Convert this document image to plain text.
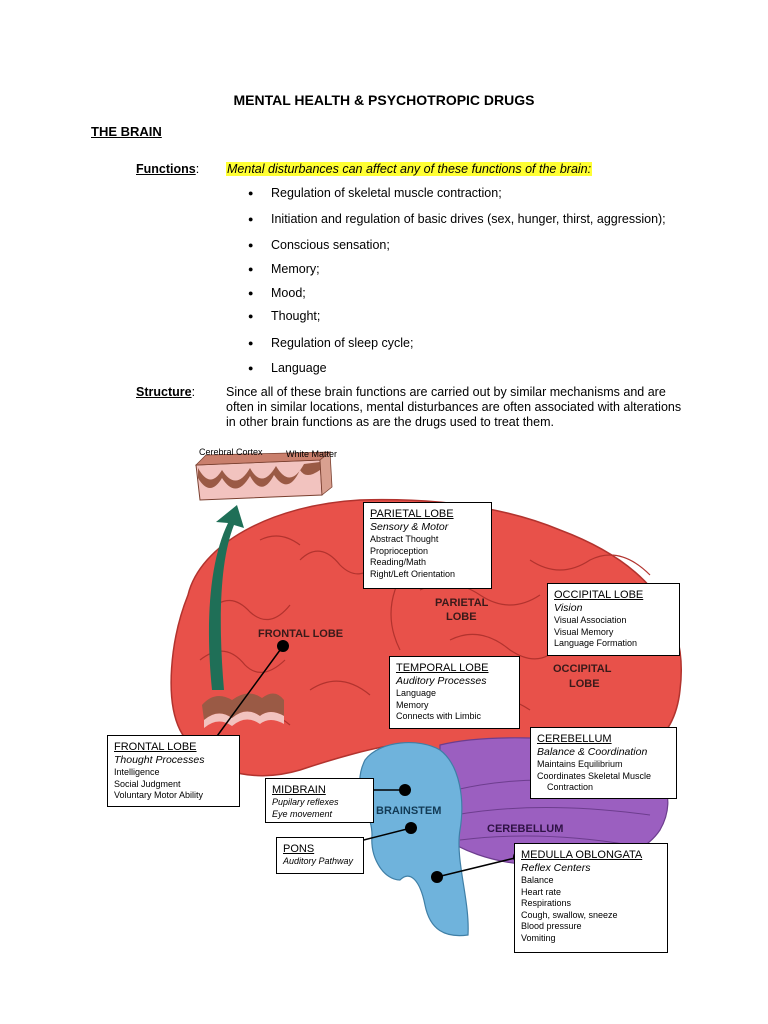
MENTAL HEALTH & PSYCHOTROPIC DRUGS
THE BRAIN
Functions: Mental disturbances can affect any of these functions of the brain:
● Regulation of skeletal muscle contraction;
● Initiation and regulation of basic drives (sex, hunger, thirst, aggression);
● Conscious sensation;
● Memory;
● Mood;
● Thought;
● Regulation of sleep cycle;
● Language
Structure: Since all of these brain functions are carried out by similar mechanisms and are often in similar locations, mental disturbances are often associated with alterations in other brain functions as are the drugs used to treat them.
FRONTAL LOBE
PARIETAL
LOBE
OCCIPITAL
LOBE
BRAINSTEM
CEREBELLUM
Cerebral Cortex	White Matter
PARIETAL LOBE
Sensory & Motor
Abstract Thought
Proprioception
Reading/Math
Right/Left Orientation
OCCIPITAL LOBE
Vision
Visual Association
Visual Memory
Language Formation
TEMPORAL LOBE
Auditory Processes
Language
Memory
Connects with Limbic
CEREBELLUM
Balance & Coordination
Maintains Equilibrium
Coordinates Skeletal Muscle
Contraction
FRONTAL LOBE
Thought Processes
Intelligence
Social Judgment
Voluntary Motor Ability	MIDBRAIN
Pupilary reflexes
Eye movement
PONS
Auditory Pathway	MEDULLA OBLONGATA
Reflex Centers
Balance
Heart rate
Respirations
Cough, swallow, sneeze
Blood pressure
Vomiting
